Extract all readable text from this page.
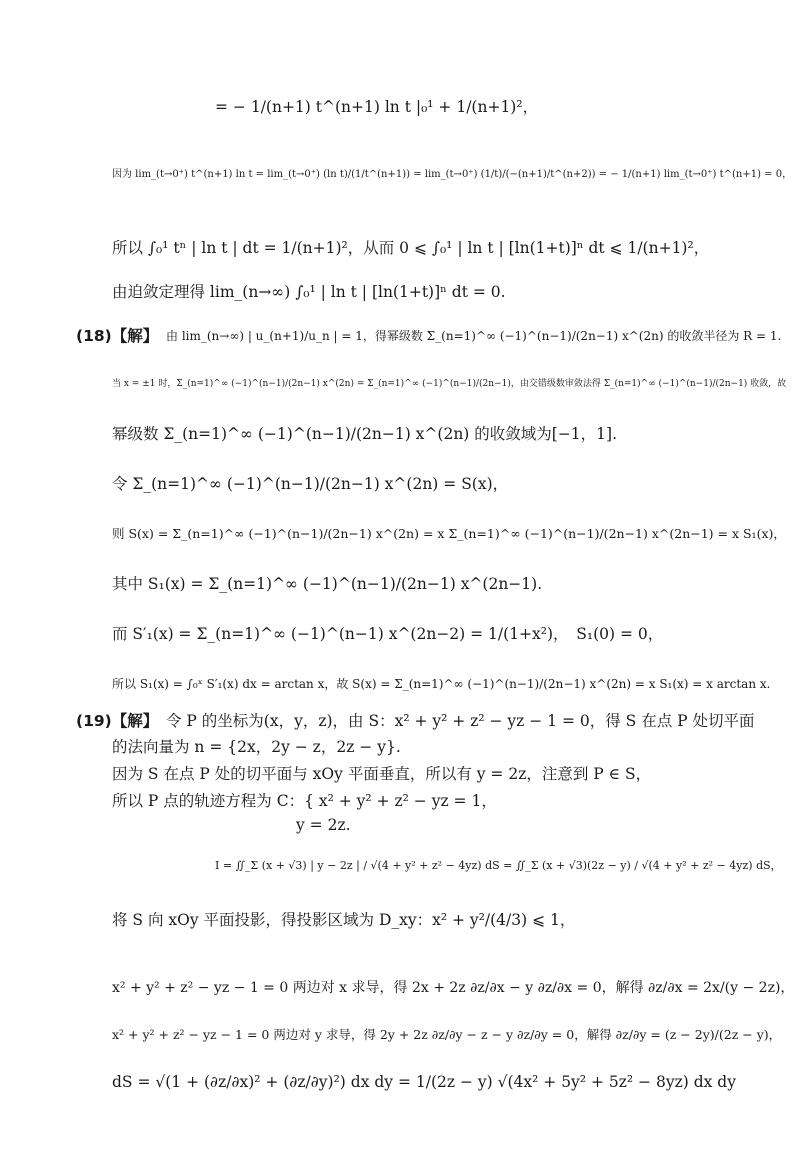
= − 1/(n+1) t^(n+1) ln t |₀¹ + 1/(n+1)²，
因为 lim_(t→0⁺) t^(n+1) ln t = lim_(t→0⁺) (ln t)/(1/t^(n+1)) = lim_(t→0⁺) (1/t)/(−(n+1)/t^(n+2)) = − 1/(n+1) lim_(t→0⁺) t^(n+1) = 0，
所以 ∫₀¹ tⁿ | ln t | dt = 1/(n+1)²，从而 0 ⩽ ∫₀¹ | ln t | [ln(1+t)]ⁿ dt ⩽ 1/(n+1)²，
由迫敛定理得 lim_(n→∞) ∫₀¹ | ln t | [ln(1+t)]ⁿ dt = 0.
(18)【解】 由 lim_(n→∞) | u_(n+1)/u_n | = 1，得幂级数 Σ_(n=1)^∞ (−1)^(n−1)/(2n−1) x^(2n) 的收敛半径为 R = 1.
当 x = ±1 时，Σ_(n=1)^∞ (−1)^(n−1)/(2n−1) x^(2n) = Σ_(n=1)^∞ (−1)^(n−1)/(2n−1)，由交错级数审敛法得 Σ_(n=1)^∞ (−1)^(n−1)/(2n−1) 收敛，故
幂级数 Σ_(n=1)^∞ (−1)^(n−1)/(2n−1) x^(2n) 的收敛域为[−1，1].
令 Σ_(n=1)^∞ (−1)^(n−1)/(2n−1) x^(2n) = S(x)，
则 S(x) = Σ_(n=1)^∞ (−1)^(n−1)/(2n−1) x^(2n) = x Σ_(n=1)^∞ (−1)^(n−1)/(2n−1) x^(2n−1) = x S₁(x)，
其中 S₁(x) = Σ_(n=1)^∞ (−1)^(n−1)/(2n−1) x^(2n−1).
而 S′₁(x) = Σ_(n=1)^∞ (−1)^(n−1) x^(2n−2) = 1/(1+x²)，　S₁(0) = 0，
所以 S₁(x) = ∫₀ˣ S′₁(x) dx = arctan x，故 S(x) = Σ_(n=1)^∞ (−1)^(n−1)/(2n−1) x^(2n) = x S₁(x) = x arctan x.
(19)【解】 令 P 的坐标为(x，y，z)，由 S：x² + y² + z² − yz − 1 = 0，得 S 在点 P 处切平面
的法向量为 n = {2x，2y − z，2z − y}.
因为 S 在点 P 处的切平面与 xOy 平面垂直，所以有 y = 2z，注意到 P ∈ S，
所以 P 点的轨迹方程为 C：{ x² + y² + z² − yz = 1，
y = 2z.
I = ∬_Σ (x + √3) | y − 2z | / √(4 + y² + z² − 4yz) dS = ∬_Σ (x + √3)(2z − y) / √(4 + y² + z² − 4yz) dS，
将 S 向 xOy 平面投影，得投影区域为 D_xy：x² + y²/(4/3) ⩽ 1，
x² + y² + z² − yz − 1 = 0 两边对 x 求导，得 2x + 2z ∂z/∂x − y ∂z/∂x = 0，解得 ∂z/∂x = 2x/(y − 2z)，
x² + y² + z² − yz − 1 = 0 两边对 y 求导，得 2y + 2z ∂z/∂y − z − y ∂z/∂y = 0，解得 ∂z/∂y = (z − 2y)/(2z − y)，
dS = √(1 + (∂z/∂x)² + (∂z/∂y)²) dx dy = 1/(2z − y) √(4x² + 5y² + 5z² − 8yz) dx dy
